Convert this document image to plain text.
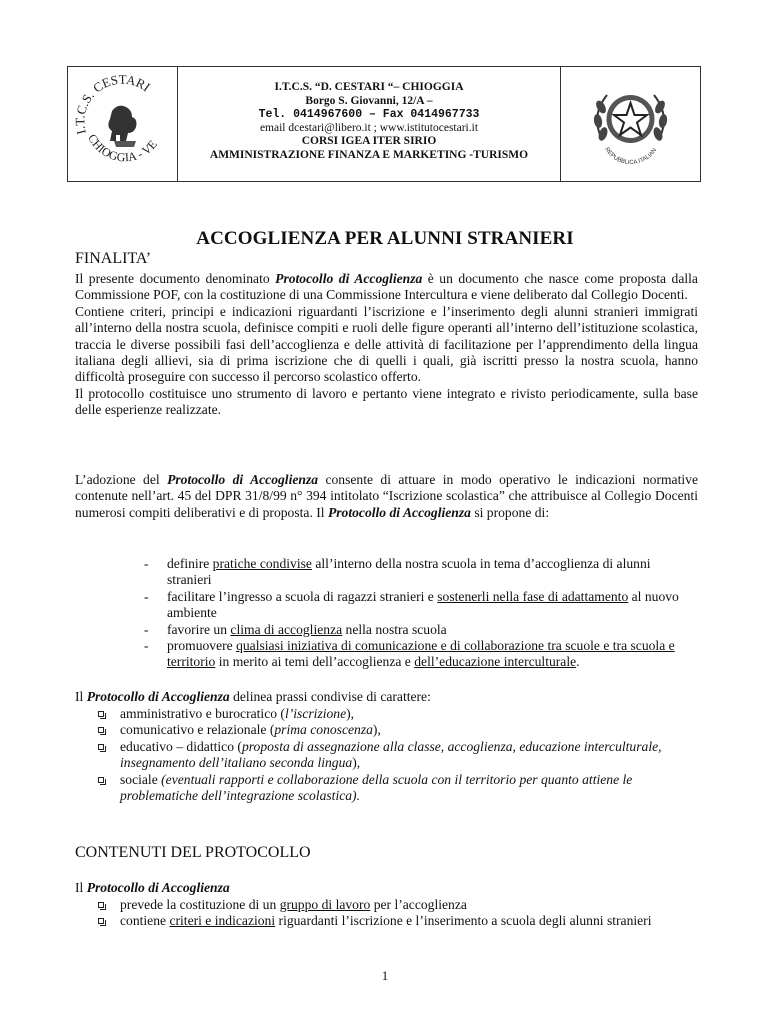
I.T.C.S. CESTARI
CHIOGGIA - VE
I.T.C.S. “D. CESTARI “– CHIOGGIA
Borgo S. Giovanni, 12/A –
Tel. 0414967600 – Fax 0414967733
email dcestari@libero.it ; www.istitutocestari.it
CORSI IGEA ITER SIRIO
AMMINISTRAZIONE FINANZA E MARKETING -TURISMO	REPUBBLICA ITALIAN
ACCOGLIENZA PER ALUNNI STRANIERI
FINALITA’

Il presente documento denominato Protocollo di Accoglienza è un documento che nasce come proposta dalla Commissione POF, con la costituzione di una Commissione Intercultura e viene deliberato dal Collegio Docenti.

Contiene criteri, principi e indicazioni riguardanti l’iscrizione e l’inserimento degli alunni stranieri immigrati all’interno della nostra scuola, definisce compiti e ruoli delle figure operanti all’interno dell’istituzione scolastica, traccia le diverse possibili fasi dell’accoglienza e delle attività di facilitazione per l’apprendimento della lingua italiana degli allievi, sia di prima iscrizione che di quelli i quali, già iscritti presso la nostra scuola, hanno difficoltà proseguire con successo il percorso scolastico offerto.

Il protocollo costituisce uno strumento di lavoro e pertanto viene integrato e rivisto periodicamente, sulla base delle esperienze realizzate.

L’adozione del Protocollo di Accoglienza consente di attuare in modo operativo le indicazioni normative contenute nell’art. 45 del DPR 31/8/99 n° 394 intitolato “Iscrizione scolastica” che attribuisce al Collegio Docenti numerosi compiti deliberativi e di proposta. Il Protocollo di Accoglienza si propone di:

- definire pratiche condivise all’interno della nostra scuola in tema d’accoglienza di alunni stranieri
- facilitare l’ingresso a scuola di ragazzi stranieri e sostenerli nella fase di adattamento al nuovo ambiente
- favorire un clima di accoglienza nella nostra scuola
- promuovere qualsiasi iniziativa di comunicazione e di collaborazione tra scuole e tra scuola e territorio in merito ai temi dell’accoglienza e dell’educazione interculturale.

Il Protocollo di Accoglienza delinea prassi condivise di carattere:

amministrativo e burocratico (l’iscrizione),
comunicativo e relazionale (prima conoscenza),
educativo – didattico (proposta di assegnazione alla classe, accoglienza, educazione interculturale, insegnamento dell’italiano seconda lingua),
sociale (eventuali rapporti e collaborazione della scuola con il territorio per quanto attiene le problematiche dell’integrazione scolastica).
CONTENUTI DEL PROTOCOLLO

Il Protocollo di Accoglienza

prevede la costituzione di un gruppo di lavoro per l’accoglienza
contiene criteri e indicazioni riguardanti l’iscrizione e l’inserimento a scuola degli alunni stranieri
1
